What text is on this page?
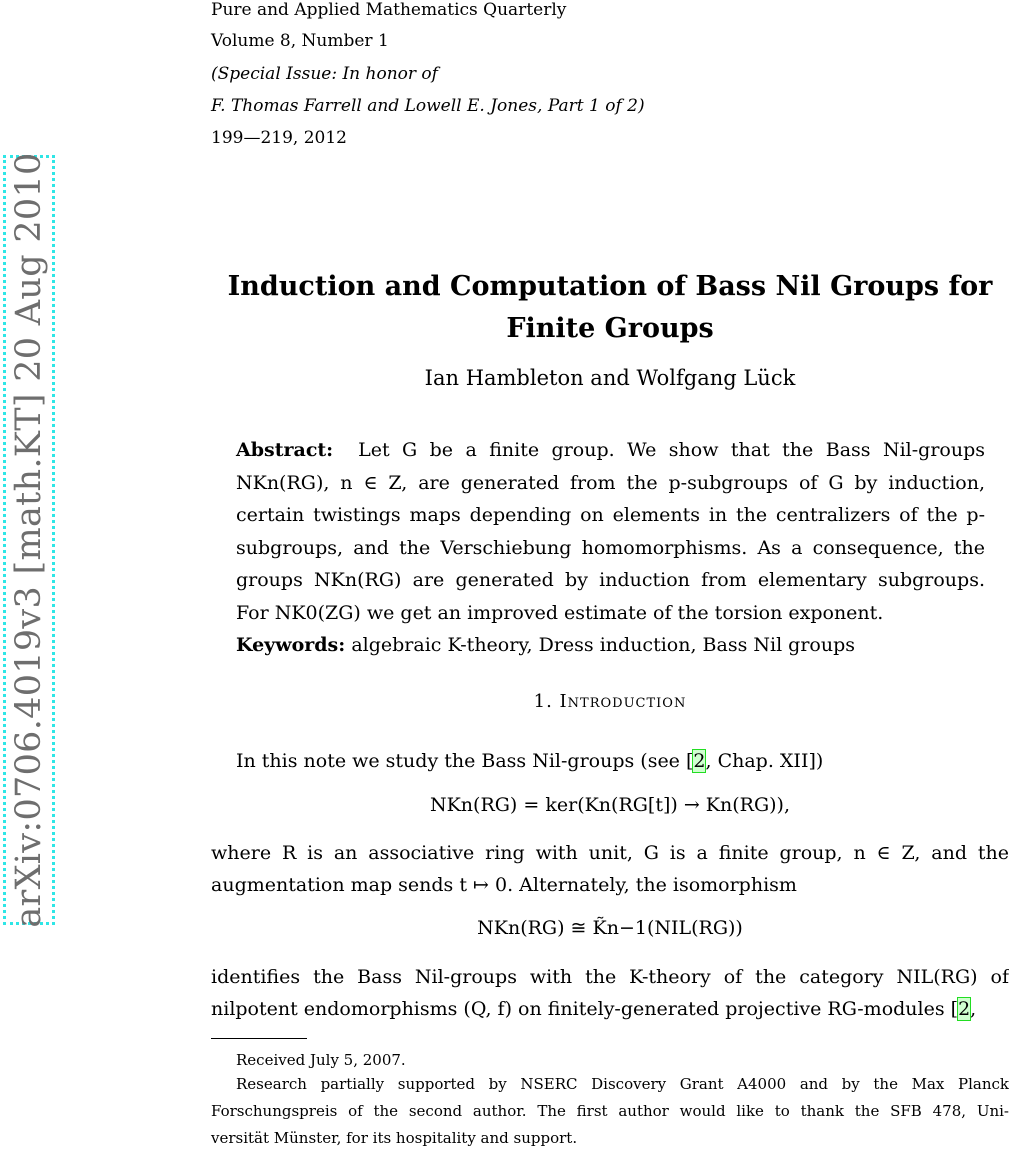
arXiv:0706.4019v3 [math.KT] 20 Aug 2010
Pure and Applied Mathematics Quarterly
Volume 8, Number 1
(Special Issue: In honor of
F. Thomas Farrell and Lowell E. Jones, Part 1 of 2)
199—219, 2012
Induction and Computation of Bass Nil Groups for
Finite Groups
Ian Hambleton and Wolfgang Lück
Abstract: Let G be a finite group. We show that the Bass Nil-groups
NKn(RG), n ∈ Z, are generated from the p-subgroups of G by induction,
certain twistings maps depending on elements in the centralizers of the p-
subgroups, and the Verschiebung homomorphisms. As a consequence, the
groups NKn(RG) are generated by induction from elementary subgroups.
For NK0(ZG) we get an improved estimate of the torsion exponent.
Keywords: algebraic K-theory, Dress induction, Bass Nil groups
1. Introduction
In this note we study the Bass Nil-groups (see [2, Chap. XII])
NKn(RG) = ker(Kn(RG[t]) → Kn(RG)),
where R is an associative ring with unit, G is a finite group, n ∈ Z, and the
augmentation map sends t ↦ 0. Alternately, the isomorphism
NKn(RG) ≅ K̃n−1(NIL(RG))
identifies the Bass Nil-groups with the K-theory of the category NIL(RG) of
nilpotent endomorphisms (Q, f) on finitely-generated projective RG-modules [2,
Received July 5, 2007.
Research partially supported by NSERC Discovery Grant A4000 and by the Max Planck
Forschungspreis of the second author. The first author would like to thank the SFB 478, Uni-
versität Münster, for its hospitality and support.
